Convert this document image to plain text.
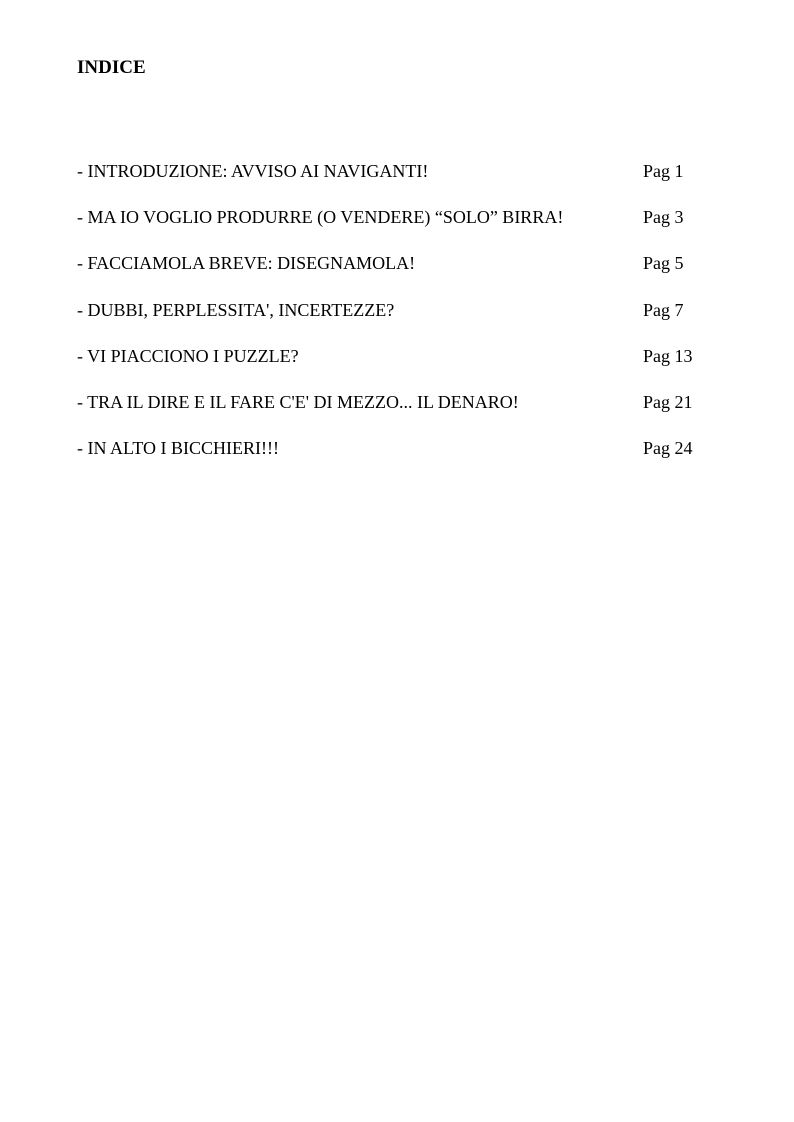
INDICE
- INTRODUZIONE: AVVISO AI NAVIGANTI!	Pag 1
- MA IO VOGLIO PRODURRE (O VENDERE) “SOLO” BIRRA!	Pag 3
- FACCIAMOLA BREVE: DISEGNAMOLA!	Pag 5
- DUBBI, PERPLESSITA', INCERTEZZE?	Pag 7
- VI PIACCIONO I PUZZLE?	Pag 13
- TRA IL DIRE E IL FARE C'E' DI MEZZO... IL DENARO!	Pag 21
- IN ALTO I BICCHIERI!!!	Pag 24
